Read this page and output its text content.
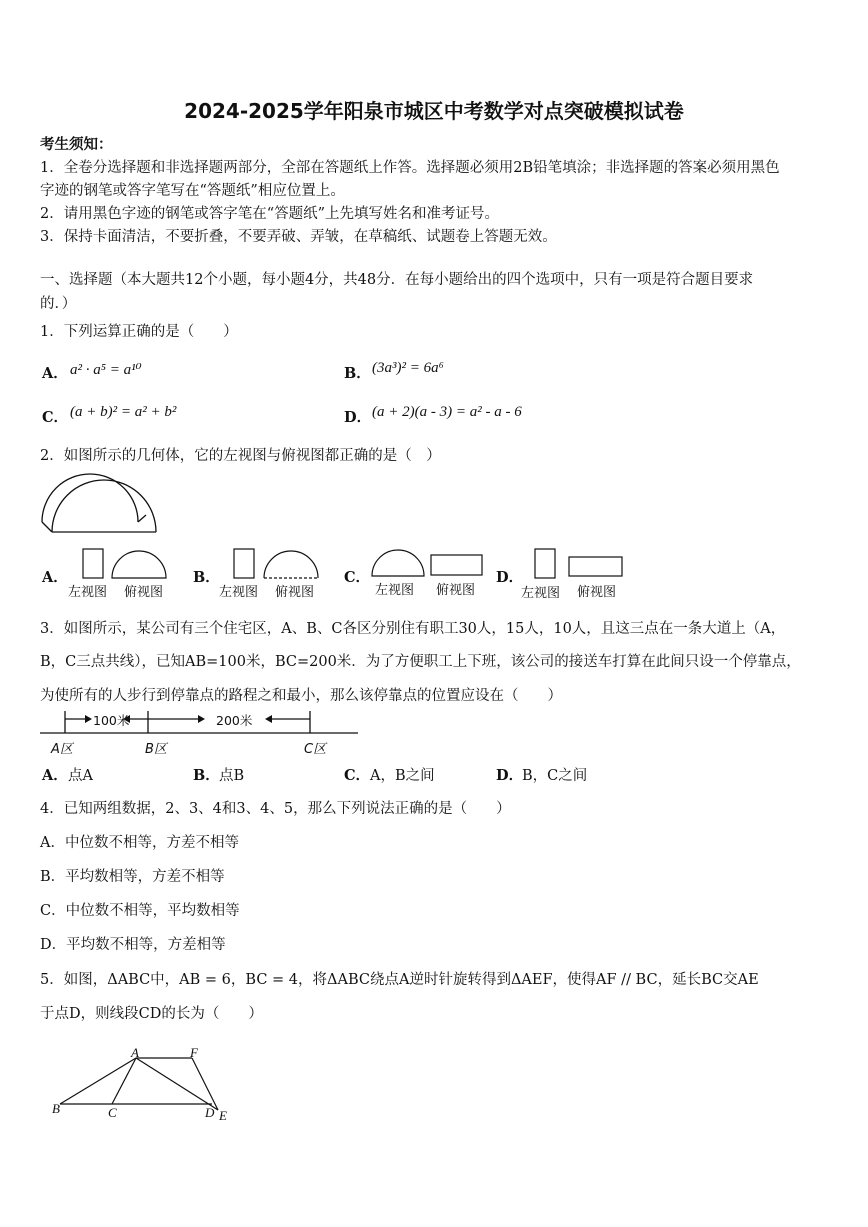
2024-2025学年阳泉市城区中考数学对点突破模拟试卷
考生须知：
1．全卷分选择题和非选择题两部分，全部在答题纸上作答。选择题必须用2B铅笔填涂；非选择题的答案必须用黑色
字迹的钢笔或答字笔写在“答题纸”相应位置上。
2．请用黑色字迹的钢笔或答字笔在“答题纸”上先填写姓名和准考证号。
3．保持卡面清洁，不要折叠，不要弄破、弄皱，在草稿纸、试题卷上答题无效。
一、选择题（本大题共12个小题，每小题4分，共48分．在每小题给出的四个选项中，只有一项是符合题目要求
的．）
1．下列运算正确的是（　　）
A． a² · a⁵ = a¹⁰	B． (3a³)² = 6a⁶
C． (a + b)² = a² + b²	D． (a + 2)(a - 3) = a² - a - 6
2．如图所示的几何体，它的左视图与俯视图都正确的是（　）
A．
左视图 俯视图
B．
左视图 俯视图
C．
左视图 俯视图
D．
左视图 俯视图
3．如图所示，某公司有三个住宅区，A、B、C各区分别住有职工30人，15人，10人，且这三点在一条大道上（A，
B，C三点共线），已知AB=100米，BC=200米．为了方便职工上下班，该公司的接送车打算在此间只设一个停靠点，
为使所有的人步行到停靠点的路程之和最小，那么该停靠点的位置应设在（　　）
100米	200米
A区	B区	C区
A． 点A	B． 点B	C． A，B之间	D．
B，C之间
4．已知两组数据，2、3、4和3、4、5，那么下列说法正确的是（　　）
A．中位数不相等，方差不相等
B．平均数相等，方差不相等
C．中位数不相等，平均数相等
D．平均数不相等，方差相等
5．如图，ΔABC中，AB = 6，BC = 4，将ΔABC绕点A逆时针旋转得到ΔAEF，使得AF // BC，延长BC交AE
于点D，则线段CD的长为（　　）
A	F
B	C	D E
